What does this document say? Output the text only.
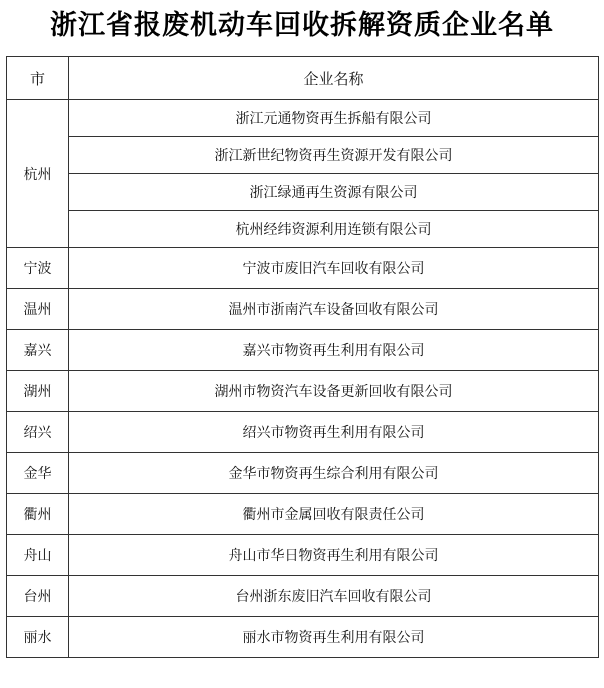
浙江省报废机动车回收拆解资质企业名单
市	企业名称
杭州	浙江元通物资再生拆船有限公司
	浙江新世纪物资再生资源开发有限公司
	浙江绿通再生资源有限公司
	杭州经纬资源利用连锁有限公司
宁波	宁波市废旧汽车回收有限公司
温州	温州市浙南汽车设备回收有限公司
嘉兴	嘉兴市物资再生利用有限公司
湖州	湖州市物资汽车设备更新回收有限公司
绍兴	绍兴市物资再生利用有限公司
金华	金华市物资再生综合利用有限公司
衢州	衢州市金属回收有限责任公司
舟山	舟山市华日物资再生利用有限公司
台州	台州浙东废旧汽车回收有限公司
丽水	丽水市物资再生利用有限公司
